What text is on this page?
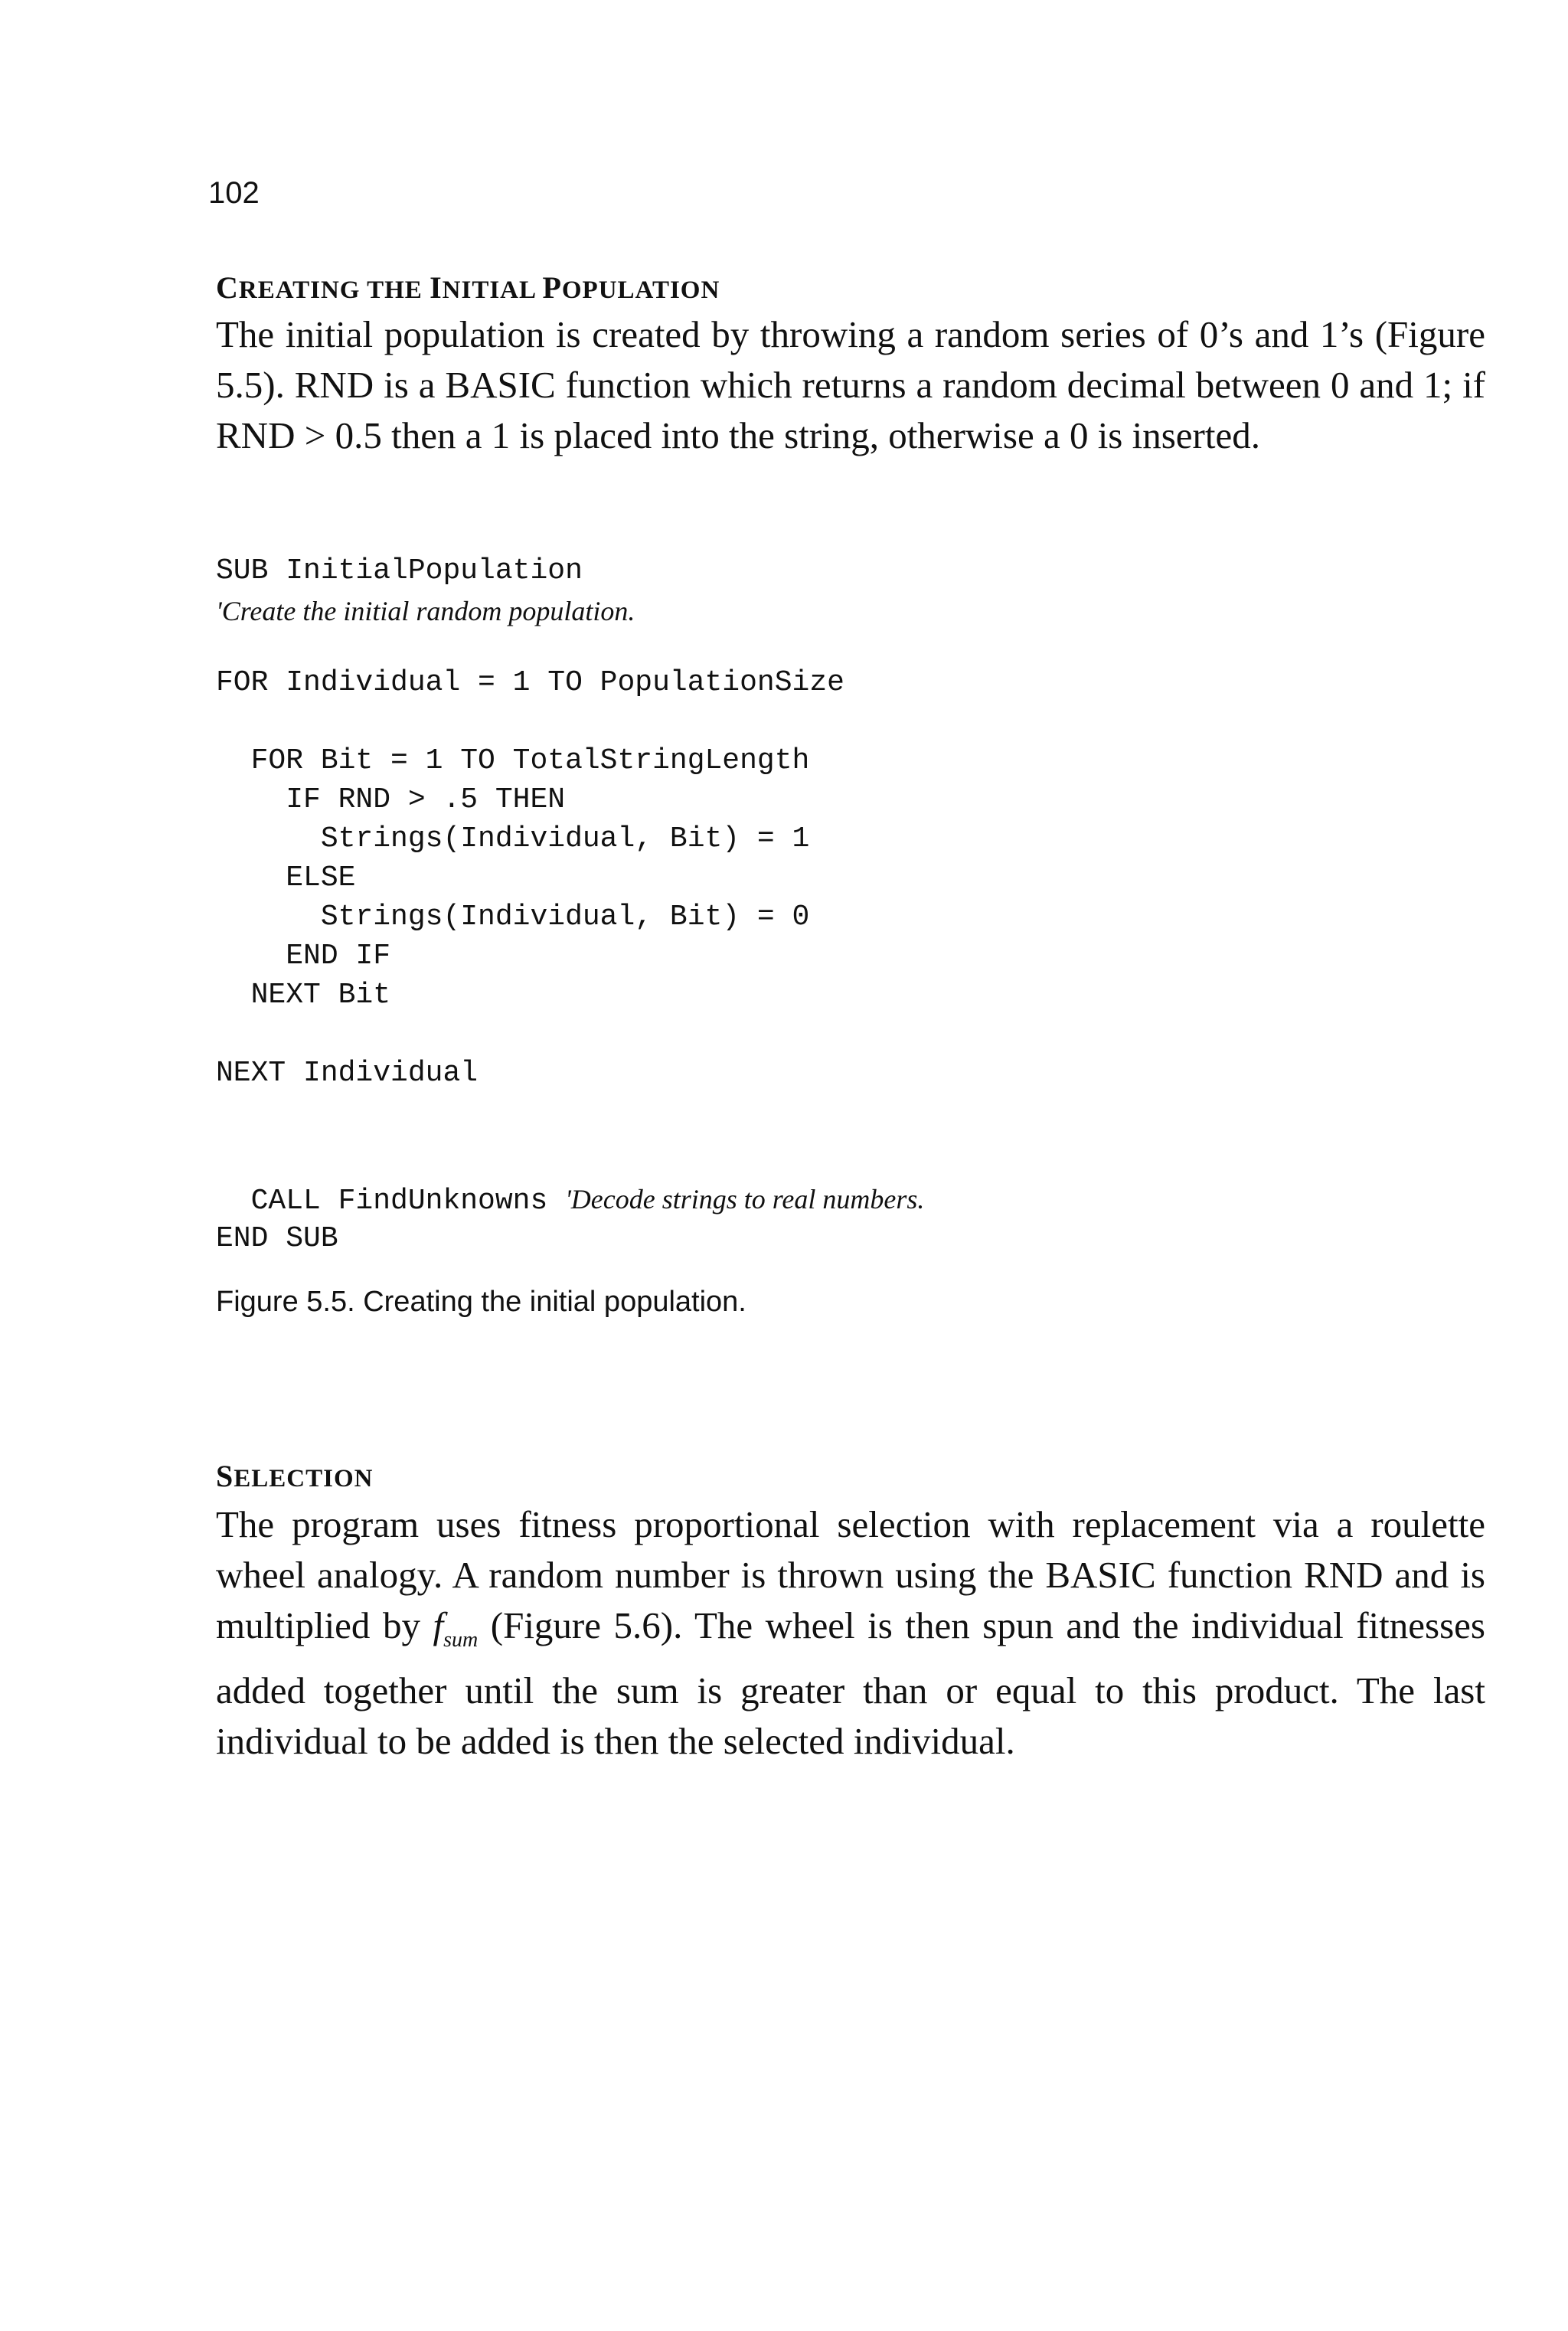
102
CREATING THE INITIAL POPULATION

The initial population is created by throwing a random series of 0’s and 1’s (Figure 5.5). RND is a BASIC function which returns a random decimal between 0 and 1; if RND > 0.5 then a 1 is placed into the string, otherwise a 0 is inserted.

SUB InitialPopulation
'Create the initial random population.
FOR Individual = 1 TO PopulationSize

FOR Bit = 1 TO TotalStringLength
IF RND > .5 THEN
Strings(Individual, Bit) = 1
ELSE
Strings(Individual, Bit) = 0
END IF
NEXT Bit

NEXT Individual

CALL FindUnknowns 'Decode strings to real numbers.

END SUB
Figure 5.5. Creating the initial population.
SELECTION

The program uses fitness proportional selection with replacement via a roulette wheel analogy. A random number is thrown using the BASIC function RND and is multiplied by $f_{sum}$ (Figure 5.6). The wheel is then spun and the individual fitnesses added together until the sum is greater than or equal to this product. The last individual to be added is then the selected individual.
